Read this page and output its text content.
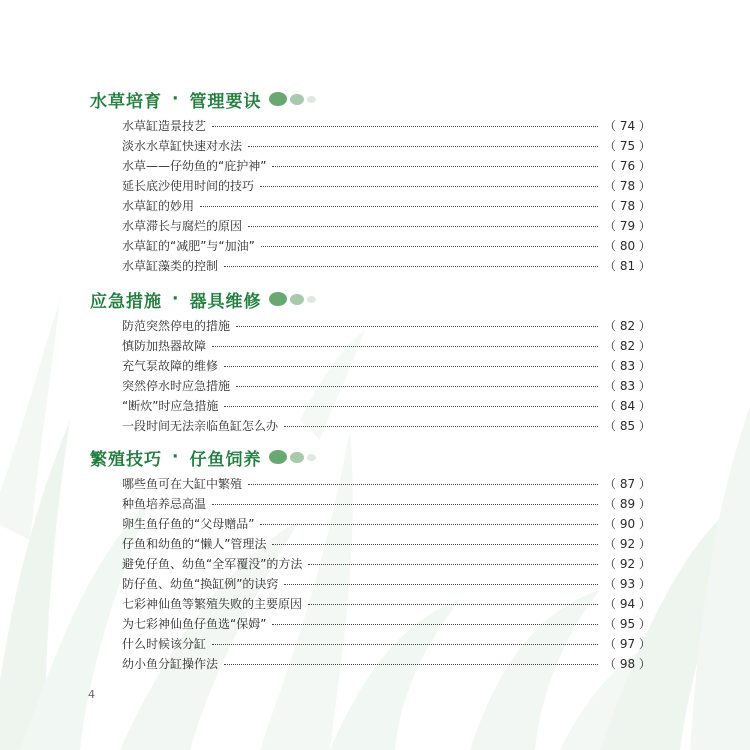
水草培育 · 管理要诀
水草缸造景技艺	（ 74 ）
淡水水草缸快速对水法	（ 75 ）
水草——仔幼鱼的“庇护神”	（ 76 ）
延长底沙使用时间的技巧	（ 78 ）
水草缸的妙用	（ 78 ）
水草滞长与腐烂的原因	（ 79 ）
水草缸的“减肥”与“加油”	（ 80 ）
水草缸藻类的控制	（ 81 ）
应急措施 · 器具维修
防范突然停电的措施	（ 82 ）
慎防加热器故障	（ 82 ）
充气泵故障的维修	（ 83 ）
突然停水时应急措施	（ 83 ）
“断炊”时应急措施	（ 84 ）
一段时间无法亲临鱼缸怎么办	（ 85 ）
繁殖技巧 · 仔鱼饲养
哪些鱼可在大缸中繁殖	（ 87 ）
种鱼培养忌高温	（ 89 ）
卵生鱼仔鱼的“父母赠品”	（ 90 ）
仔鱼和幼鱼的“懒人”管理法	（ 92 ）
避免仔鱼、幼鱼“全军覆没”的方法	（ 92 ）
防仔鱼、幼鱼“换缸例”的诀窍	（ 93 ）
七彩神仙鱼等繁殖失败的主要原因	（ 94 ）
为七彩神仙鱼仔鱼选“保姆”	（ 95 ）
什么时候该分缸	（ 97 ）
幼小鱼分缸操作法	（ 98 ）
4
